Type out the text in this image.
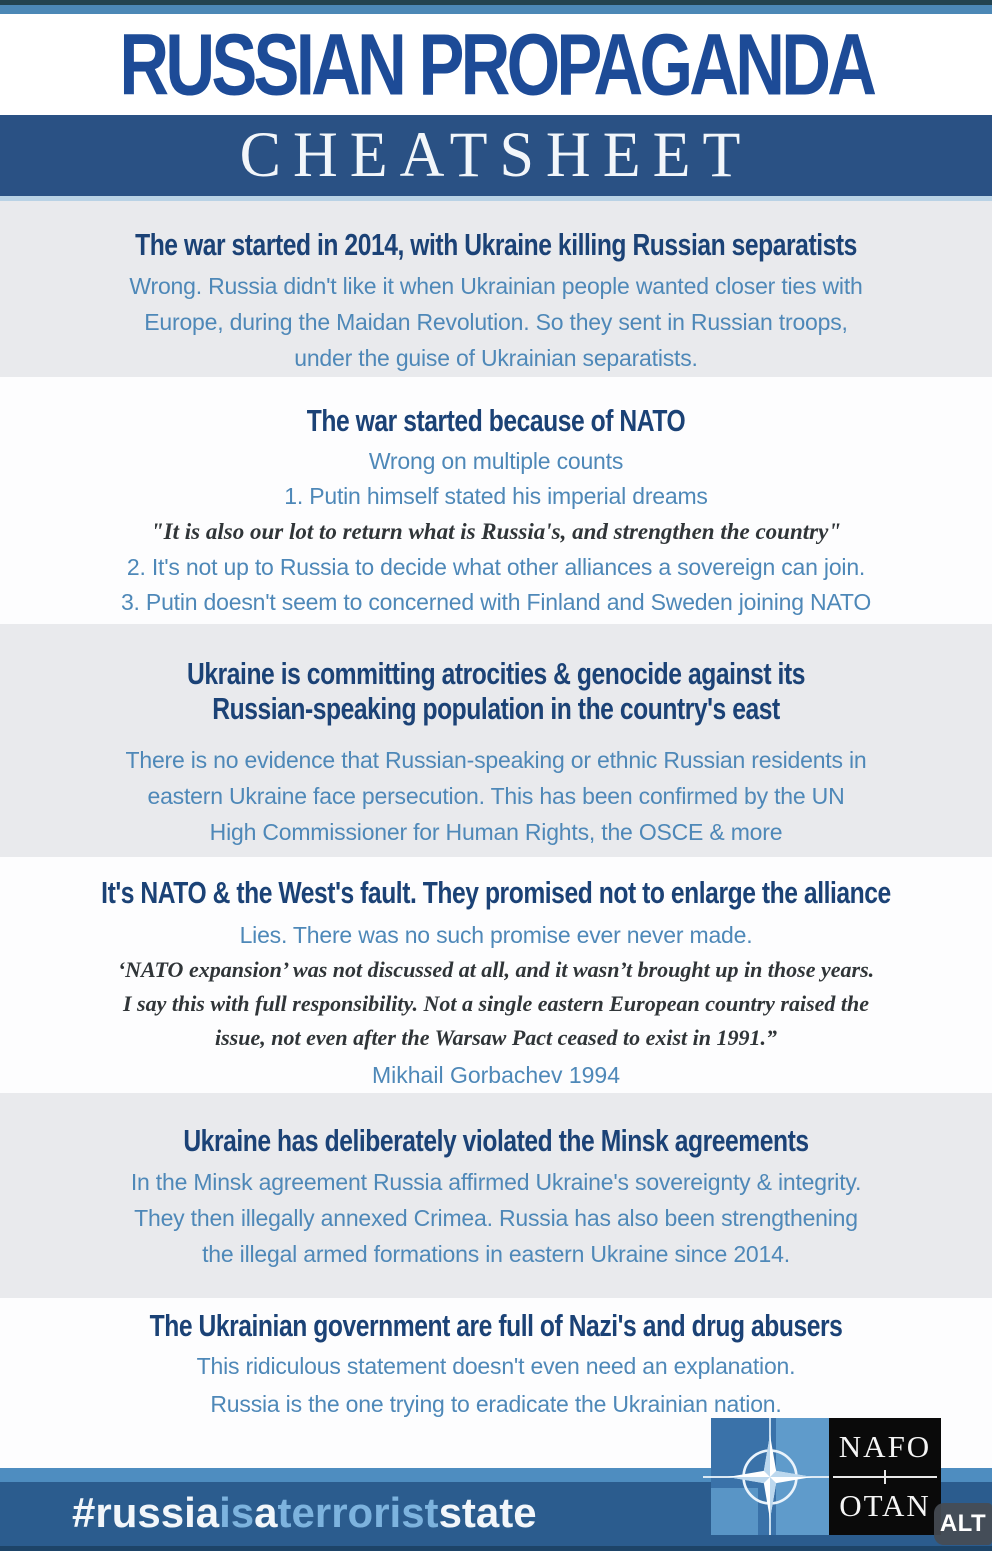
RUSSIAN PROPAGANDA
CHEATSHEET
The war started in 2014, with Ukraine killing Russian separatists
Wrong. Russia didn't like it when Ukrainian people wanted closer ties with
Europe, during the Maidan Revolution. So they sent in Russian troops,
under the guise of Ukrainian separatists.
The war started because of NATO
Wrong on multiple counts
1. Putin himself stated his imperial dreams
"It is also our lot to return what is Russia's, and strengthen the country"
2. It's not up to Russia to decide what other alliances a sovereign can join.
3. Putin doesn't seem to concerned with Finland and Sweden joining NATO
Ukraine is committing atrocities & genocide against its
Russian-speaking population in the country's east
There is no evidence that Russian-speaking or ethnic Russian residents in
eastern Ukraine face persecution. This has been confirmed by the UN
High Commissioner for Human Rights, the OSCE & more
It's NATO & the West's fault. They promised not to enlarge the alliance
Lies. There was no such promise ever never made.
‘NATO expansion’ was not discussed at all, and it wasn’t brought up in those years.
I say this with full responsibility. Not a single eastern European country raised the
issue, not even after the Warsaw Pact ceased to exist in 1991.”
Mikhail Gorbachev 1994
Ukraine has deliberately violated the Minsk agreements
In the Minsk agreement Russia affirmed Ukraine's sovereignty & integrity.
They then illegally annexed Crimea. Russia has also been strengthening
the illegal armed formations in eastern Ukraine since 2014.
The Ukrainian government are full of Nazi's and drug abusers
This ridiculous statement doesn't even need an explanation.
Russia is the one trying to eradicate the Ukrainian nation.
#russiaisaterroriststate
NAFO
OTAN
ALT
